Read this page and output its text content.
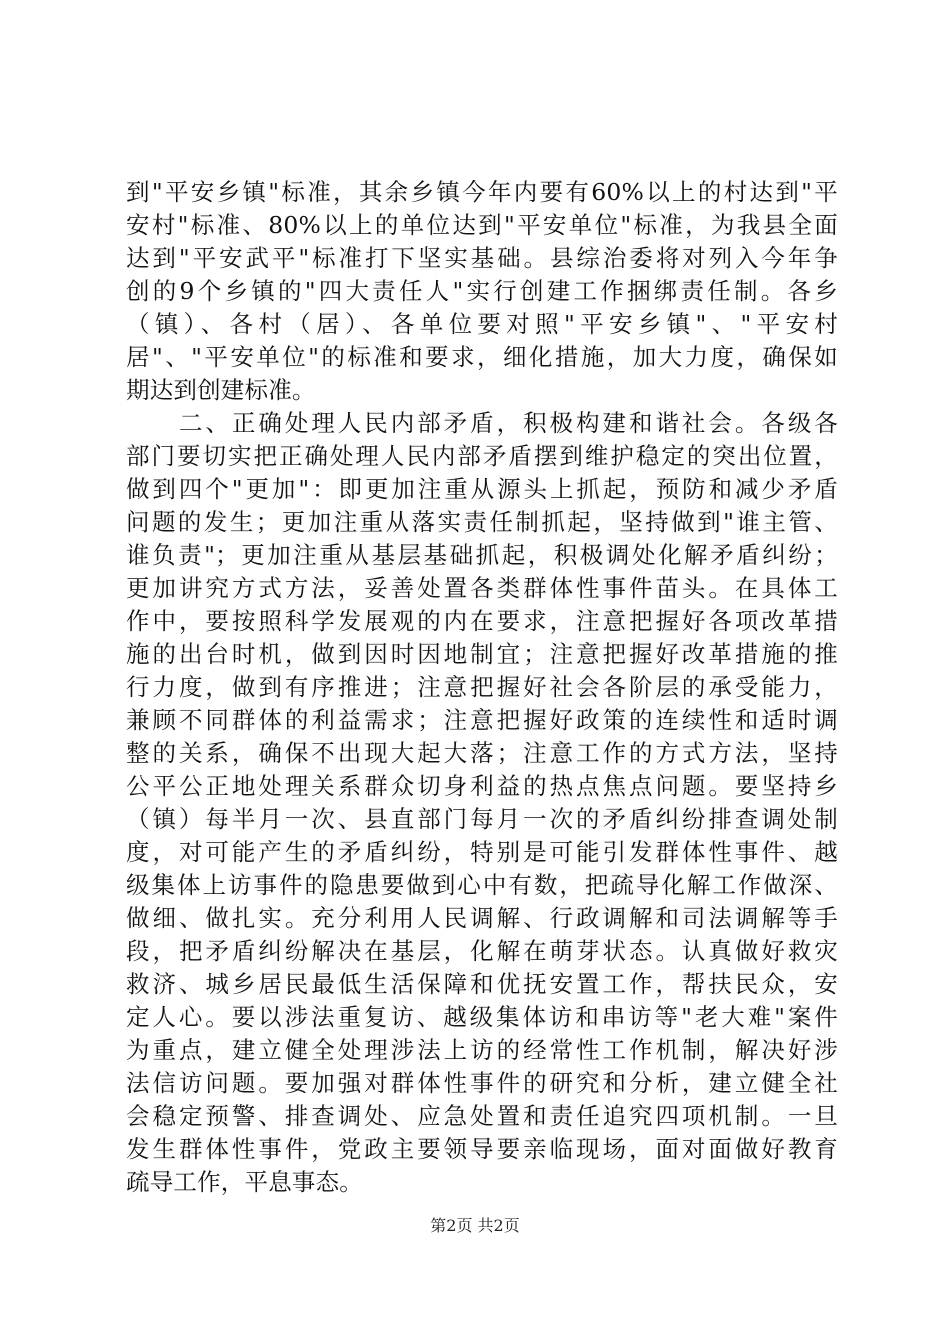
到"平安乡镇"标准，其余乡镇今年内要有60%以上的村达到"平
安村"标准、80%以上的单位达到"平安单位"标准，为我县全面
达到"平安武平"标准打下坚实基础。县综治委将对列入今年争
创的9个乡镇的"四大责任人"实行创建工作捆绑责任制。各乡
（镇）、各村（居）、各单位要对照"平安乡镇"、"平安村
居"、"平安单位"的标准和要求，细化措施，加大力度，确保如
期达到创建标准。
　　二、正确处理人民内部矛盾，积极构建和谐社会。各级各
部门要切实把正确处理人民内部矛盾摆到维护稳定的突出位置，
做到四个"更加"：即更加注重从源头上抓起，预防和减少矛盾
问题的发生；更加注重从落实责任制抓起，坚持做到"谁主管、
谁负责"；更加注重从基层基础抓起，积极调处化解矛盾纠纷；
更加讲究方式方法，妥善处置各类群体性事件苗头。在具体工
作中，要按照科学发展观的内在要求，注意把握好各项改革措
施的出台时机，做到因时因地制宜；注意把握好改革措施的推
行力度，做到有序推进；注意把握好社会各阶层的承受能力，
兼顾不同群体的利益需求；注意把握好政策的连续性和适时调
整的关系，确保不出现大起大落；注意工作的方式方法，坚持
公平公正地处理关系群众切身利益的热点焦点问题。要坚持乡
（镇）每半月一次、县直部门每月一次的矛盾纠纷排查调处制
度，对可能产生的矛盾纠纷，特别是可能引发群体性事件、越
级集体上访事件的隐患要做到心中有数，把疏导化解工作做深、
做细、做扎实。充分利用人民调解、行政调解和司法调解等手
段，把矛盾纠纷解决在基层，化解在萌芽状态。认真做好救灾
救济、城乡居民最低生活保障和优抚安置工作，帮扶民众，安
定人心。要以涉法重复访、越级集体访和串访等"老大难"案件
为重点，建立健全处理涉法上访的经常性工作机制，解决好涉
法信访问题。要加强对群体性事件的研究和分析，建立健全社
会稳定预警、排查调处、应急处置和责任追究四项机制。一旦
发生群体性事件，党政主要领导要亲临现场，面对面做好教育
疏导工作，平息事态。
第2页 共2页
